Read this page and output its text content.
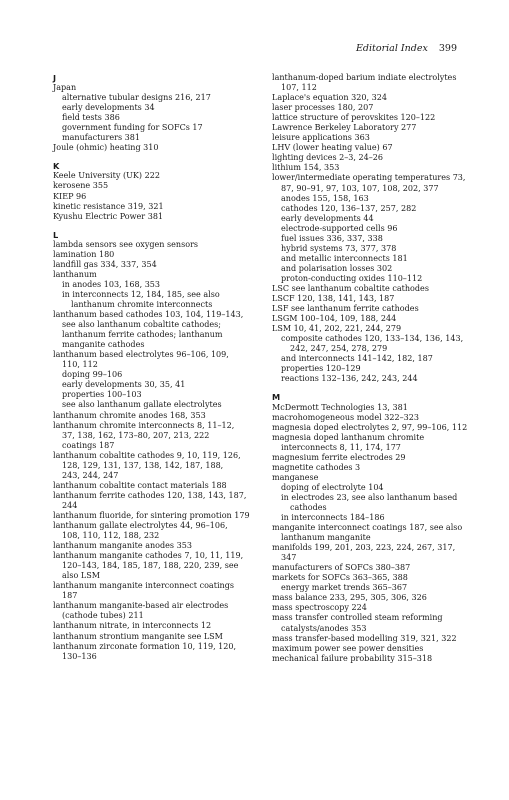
Editorial Index 399
J
Japan
alternative tubular designs 216, 217
early developments 34
field tests 386
government funding for SOFCs 17
manufacturers 381
Joule (ohmic) heating 310
K
Keele University (UK) 222
kerosene 355
KIEP 96
kinetic resistance 319, 321
Kyushu Electric Power 381
L
lambda sensors see oxygen sensors
lamination 180
landfill gas 334, 337, 354
lanthanum
in anodes 103, 168, 353
in interconnects 12, 184, 185, see also
lanthanum chromite interconnects
lanthanum based cathodes 103, 104, 119–143,
see also lanthanum cobaltite cathodes;
lanthanum ferrite cathodes; lanthanum
manganite cathodes
lanthanum based electrolytes 96–106, 109,
110, 112
doping 99–106
early developments 30, 35, 41
properties 100–103
see also lanthanum gallate electrolytes
lanthanum chromite anodes 168, 353
lanthanum chromite interconnects 8, 11–12,
37, 138, 162, 173–80, 207, 213, 222
coatings 187
lanthanum cobaltite cathodes 9, 10, 119, 126,
128, 129, 131, 137, 138, 142, 187, 188,
243, 244, 247
lanthanum cobaltite contact materials 188
lanthanum ferrite cathodes 120, 138, 143, 187,
244
lanthanum fluoride, for sintering promotion 179
lanthanum gallate electrolytes 44, 96–106,
108, 110, 112, 188, 232
lanthanum manganite anodes 353
lanthanum manganite cathodes 7, 10, 11, 119,
120–143, 184, 185, 187, 188, 220, 239, see
also LSM
lanthanum manganite interconnect coatings
187
lanthanum manganite-based air electrodes
(cathode tubes) 211
lanthanum nitrate, in interconnects 12
lanthanum strontium manganite see LSM
lanthanum zirconate formation 10, 119, 120,
130–136
lanthanum-doped barium indiate electrolytes
107, 112
Laplace's equation 320, 324
laser processes 180, 207
lattice structure of perovskites 120–122
Lawrence Berkeley Laboratory 277
leisure applications 363
LHV (lower heating value) 67
lighting devices 2–3, 24–26
lithium 154, 353
lower/intermediate operating temperatures 73,
87, 90–91, 97, 103, 107, 108, 202, 377
anodes 155, 158, 163
cathodes 120, 136–137, 257, 282
early developments 44
electrode-supported cells 96
fuel issues 336, 337, 338
hybrid systems 73, 377, 378
and metallic interconnects 181
and polarisation losses 302
proton-conducting oxides 110–112
LSC see lanthanum cobaltite cathodes
LSCF 120, 138, 141, 143, 187
LSF see lanthanum ferrite cathodes
LSGM 100–104, 109, 188, 244
LSM 10, 41, 202, 221, 244, 279
composite cathodes 120, 133–134, 136, 143,
242, 247, 254, 278, 279
and interconnects 141–142, 182, 187
properties 120–129
reactions 132–136, 242, 243, 244
M
McDermott Technologies 13, 381
macrohomogeneous model 322–323
magnesia doped electrolytes 2, 97, 99–106, 112
magnesia doped lanthanum chromite
interconnects 8, 11, 174, 177
magnesium ferrite electrodes 29
magnetite cathodes 3
manganese
doping of electrolyte 104
in electrodes 23, see also lanthanum based
cathodes
in interconnects 184–186
manganite interconnect coatings 187, see also
lanthanum manganite
manifolds 199, 201, 203, 223, 224, 267, 317,
347
manufacturers of SOFCs 380–387
markets for SOFCs 363–365, 388
energy market trends 365–367
mass balance 233, 295, 305, 306, 326
mass spectroscopy 224
mass transfer controlled steam reforming
catalysts/anodes 353
mass transfer-based modelling 319, 321, 322
maximum power see power densities
mechanical failure probability 315–318
